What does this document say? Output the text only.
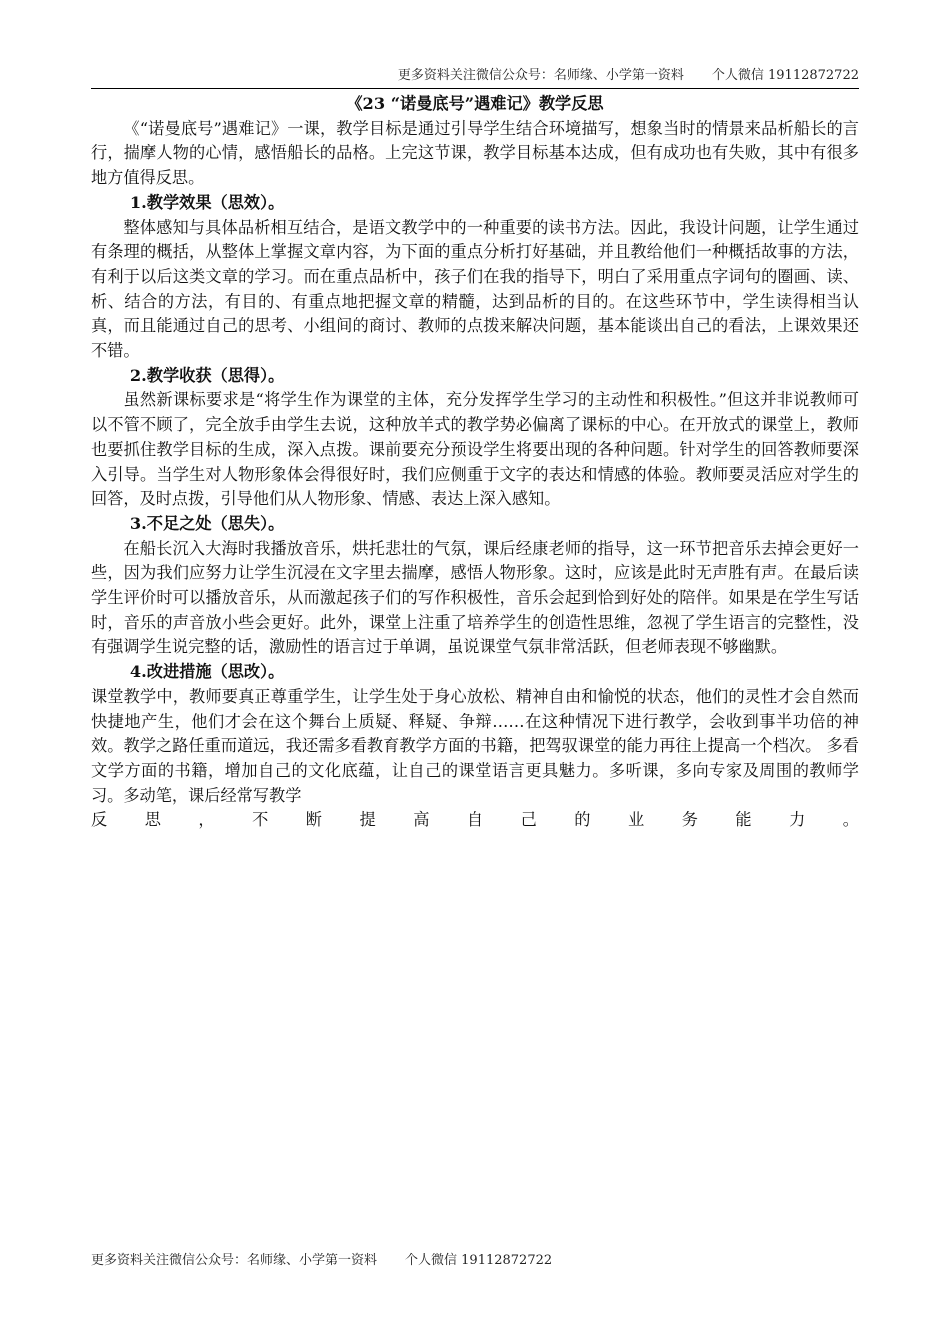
更多资料关注微信公众号：名师缘、小学第一资料 个人微信 19112872722

《23 “诺曼底号”遇难记》教学反思

《“诺曼底号”遇难记》一课，教学目标是通过引导学生结合环境描写，想象当时的情景来品析船长的言行，揣摩人物的心情，感悟船长的品格。上完这节课，教学目标基本达成，但有成功也有失败，其中有很多地方值得反思。

1.教学效果（思效）。

整体感知与具体品析相互结合，是语文教学中的一种重要的读书方法。因此，我设计问题，让学生通过有条理的概括，从整体上掌握文章内容，为下面的重点分析打好基础，并且教给他们一种概括故事的方法，有利于以后这类文章的学习。而在重点品析中，孩子们在我的指导下，明白了采用重点字词句的圈画、读、析、结合的方法，有目的、有重点地把握文章的精髓，达到品析的目的。在这些环节中，学生读得相当认真，而且能通过自己的思考、小组间的商讨、教师的点拨来解决问题，基本能谈出自己的看法，上课效果还不错。

2.教学收获（思得）。

虽然新课标要求是“将学生作为课堂的主体，充分发挥学生学习的主动性和积极性。”但这并非说教师可以不管不顾了，完全放手由学生去说，这种放羊式的教学势必偏离了课标的中心。在开放式的课堂上，教师也要抓住教学目标的生成，深入点拨。课前要充分预设学生将要出现的各种问题。针对学生的回答教师要深入引导。当学生对人物形象体会得很好时，我们应侧重于文字的表达和情感的体验。教师要灵活应对学生的回答，及时点拨，引导他们从人物形象、情感、表达上深入感知。

3.不足之处（思失）。

在船长沉入大海时我播放音乐，烘托悲壮的气氛，课后经康老师的指导，这一环节把音乐去掉会更好一些，因为我们应努力让学生沉浸在文字里去揣摩，感悟人物形象。这时，应该是此时无声胜有声。在最后读学生评价时可以播放音乐，从而激起孩子们的写作积极性，音乐会起到恰到好处的陪伴。如果是在学生写话时，音乐的声音放小些会更好。此外，课堂上注重了培养学生的创造性思维，忽视了学生语言的完整性，没有强调学生说完整的话，激励性的语言过于单调，虽说课堂气氛非常活跃，但老师表现不够幽默。

4.改进措施（思改）。

课堂教学中，教师要真正尊重学生，让学生处于身心放松、精神自由和愉悦的状态，他们的灵性才会自然而快捷地产生，他们才会在这个舞台上质疑、释疑、争辩……在这种情况下进行教学，会收到事半功倍的神效。教学之路任重而道远，我还需多看教育教学方面的书籍，把驾驭课堂的能力再往上提高一个档次。 多看文学方面的书籍，增加自己的文化底蕴，让自己的课堂语言更具魅力。多听课，多向专家及周围的教师学习。多动笔，课后经常写教学

反思，不断提高自己的业务能力。

更多资料关注微信公众号：名师缘、小学第一资料 个人微信 19112872722
